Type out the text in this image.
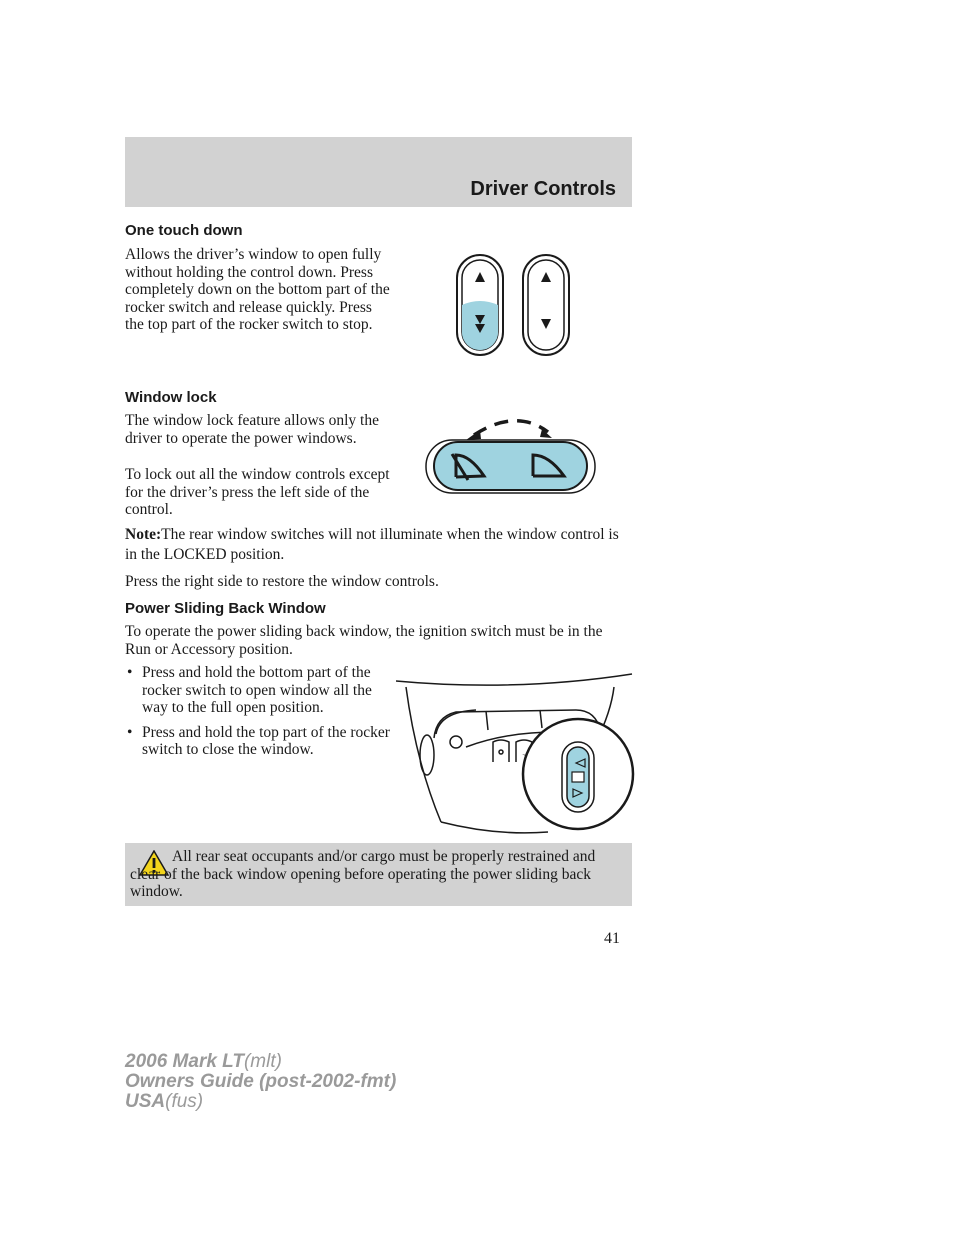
Driver Controls
One touch down

Allows the driver’s window to open fully without holding the control down. Press completely down on the bottom part of the rocker switch and release quickly. Press the top part of the rocker switch to stop.

Window lock

The window lock feature allows only the driver to operate the power windows.

To lock out all the window controls except for the driver’s press the left side of the control.

Note:The rear window switches will not illuminate when the window control is in the LOCKED position.

Press the right side to restore the window controls.

Power Sliding Back Window

To operate the power sliding back window, the ignition switch must be in the Run or Accessory position.

• Press and hold the bottom part of the rocker switch to open window all the way to the full open position.
• Press and hold the top part of the rocker switch to close the window.

All rear seat occupants and/or cargo must be properly restrained and clear of the back window opening before operating the power sliding back window.

41
2006 Mark LT(mlt)
Owners Guide (post-2002-fmt)
USA(fus)
